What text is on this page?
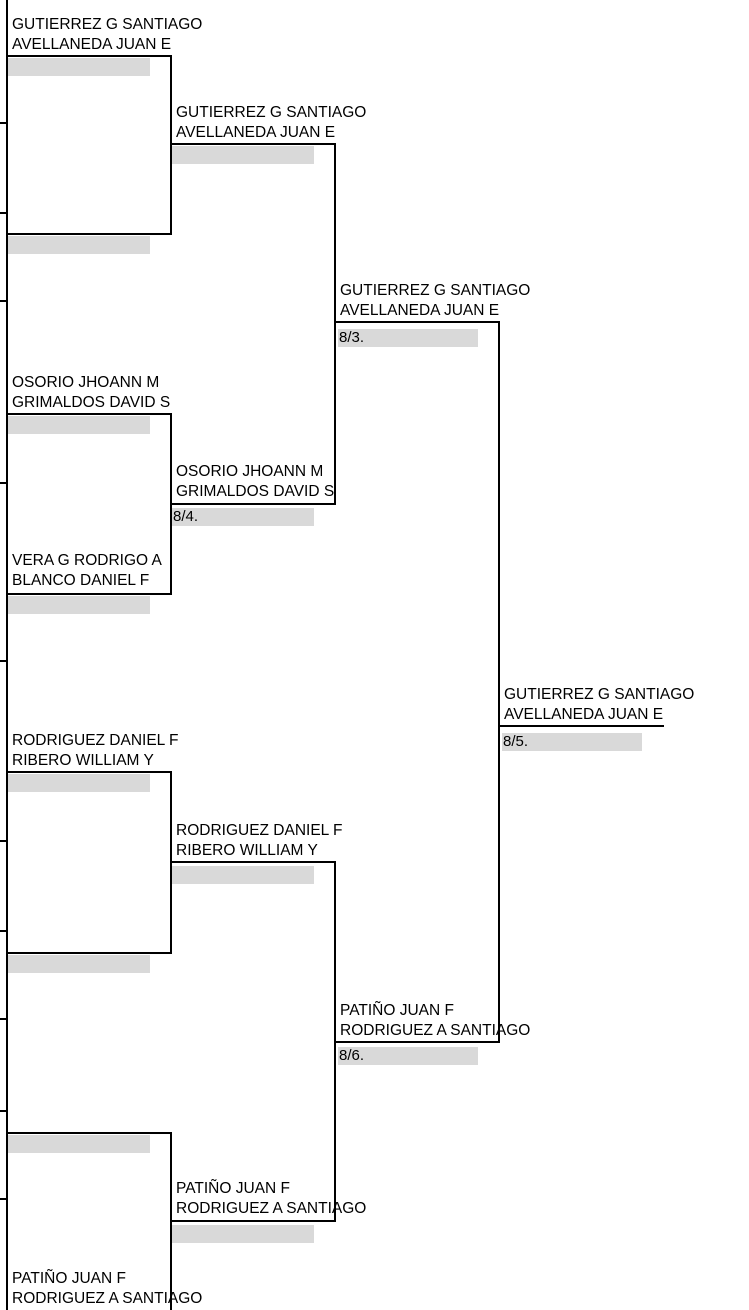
GUTIERREZ G SANTIAGO
AVELLANEDA JUAN E
OSORIO JHOANN M
GRIMALDOS DAVID S
VERA G RODRIGO A
BLANCO DANIEL F
RODRIGUEZ DANIEL F
RIBERO WILLIAM Y
PATIÑO JUAN F
RODRIGUEZ A SANTIAGO
GUTIERREZ G SANTIAGO
AVELLANEDA JUAN E
OSORIO JHOANN M
GRIMALDOS DAVID S
8/4.
RODRIGUEZ DANIEL F
RIBERO WILLIAM Y
PATIÑO JUAN F
RODRIGUEZ A SANTIAGO
GUTIERREZ G SANTIAGO
AVELLANEDA JUAN E
8/3.
PATIÑO JUAN F
RODRIGUEZ A SANTIAGO
8/6.
GUTIERREZ G SANTIAGO
AVELLANEDA JUAN E
8/5.
